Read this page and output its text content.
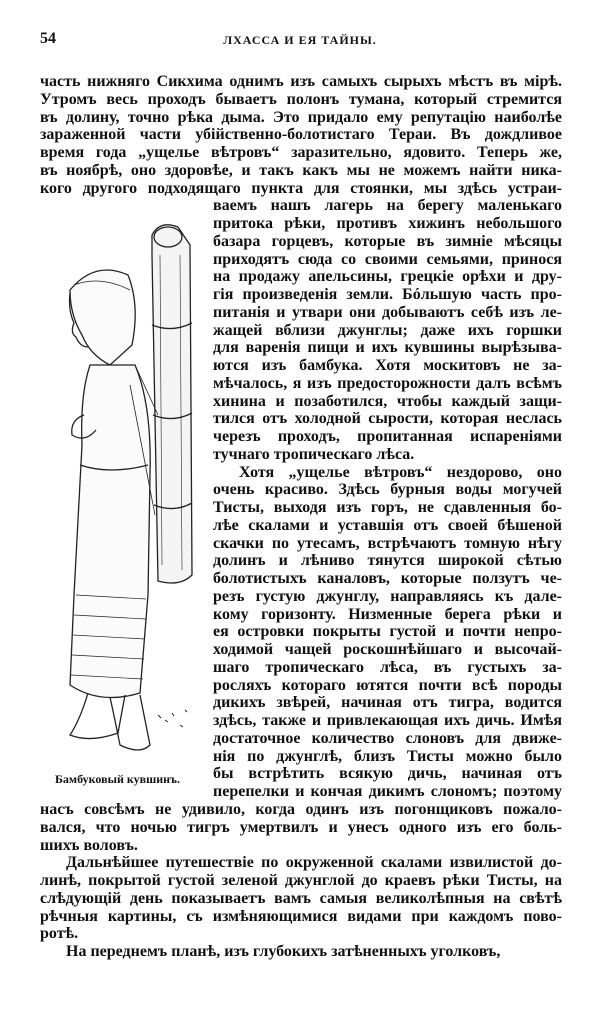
54	ЛХАССА И ЕЯ ТАЙНЫ.
часть нижняго Сикхима однимъ изъ самыхъ сырыхъ мѣстъ въ мірѣ.
Утромъ весь проходъ бываетъ полонъ тумана, который стремится
въ долину, точно рѣка дыма. Это придало ему репутацію наиболѣе
зараженной части убійственно-болотистаго Тераи. Въ дождливое
время года „ущелье вѣтровъ“ заразительно, ядовито. Теперь же,
въ ноябрѣ, оно здоровѣе, и такъ какъ мы не можемъ найти ника-
кого другого подходящаго пункта для стоянки, мы здѣсь устраи-
ваемъ нашъ лагерь на берегу маленькаго
притока рѣки, противъ хижинъ небольшого
базара горцевъ, которые въ зимніе мѣсяцы
приходятъ сюда со своими семьями, принося
на продажу апельсины, грецкіе орѣхи и дру-
гія произведенія земли. Бóльшую часть про-
питанія и утвари они добываютъ себѣ изъ ле-
жащей вблизи джунглы; даже ихъ горшки
для варенія пищи и ихъ кувшины вырѣзыва-
ются изъ бамбука. Хотя москитовъ не за-
мѣчалось, я изъ предосторожности далъ всѣмъ
хинина и позаботился, чтобы каждый защи-
тился отъ холодной сырости, которая неслась
черезъ проходъ, пропитанная испареніями
тучнаго тропическаго лѣса.
Хотя „ущелье вѣтровъ“ нездорово, оно
очень красиво. Здѣсь бурныя воды могучей
Тисты, выходя изъ горъ, не сдавленныя бо-
лѣе скалами и уставшія отъ своей бѣшеной
скачки по утесамъ, встрѣчаютъ томную нѣгу
долинъ и лѣниво тянутся широкой сѣтью
болотистыхъ каналовъ, которые ползутъ че-
резъ густую джунглу, направляясь къ дале-
кому горизонту. Низменные берега рѣки и
ея островки покрыты густой и почти непро-
ходимой чащей роскошнѣйшаго и высочай-
шаго тропическаго лѣса, въ густыхъ за-
росляхъ котораго ютятся почти всѣ породы
дикихъ звѣрей, начиная отъ тигра, водится
здѣсь, также и привлекающая ихъ дичь. Имѣя
достаточное количество слоновъ для движе-
нія по джунглѣ, близъ Тисты можно было
бы встрѣтить всякую дичь, начиная отъ
перепелки и кончая дикимъ слономъ; поэтому
насъ совсѣмъ не удивило, когда одинъ изъ погонщиковъ пожало-
вался, что ночью тигръ умертвилъ и унесъ одного изъ его боль-
шихъ воловъ.
Дальнѣйшее путешествіе по окруженной скалами извилистой до-
линѣ, покрытой густой зеленой джунглой до краевъ рѣки Тисты, на
слѣдующій день показываетъ вамъ самыя великолѣпныя на свѣтѣ
рѣчныя картины, съ измѣняющимися видами при каждомъ пово-
ротѣ.
На переднемъ планѣ, изъ глубокихъ затѣненныхъ уголковъ,
Бамбуковый кувшинъ.
